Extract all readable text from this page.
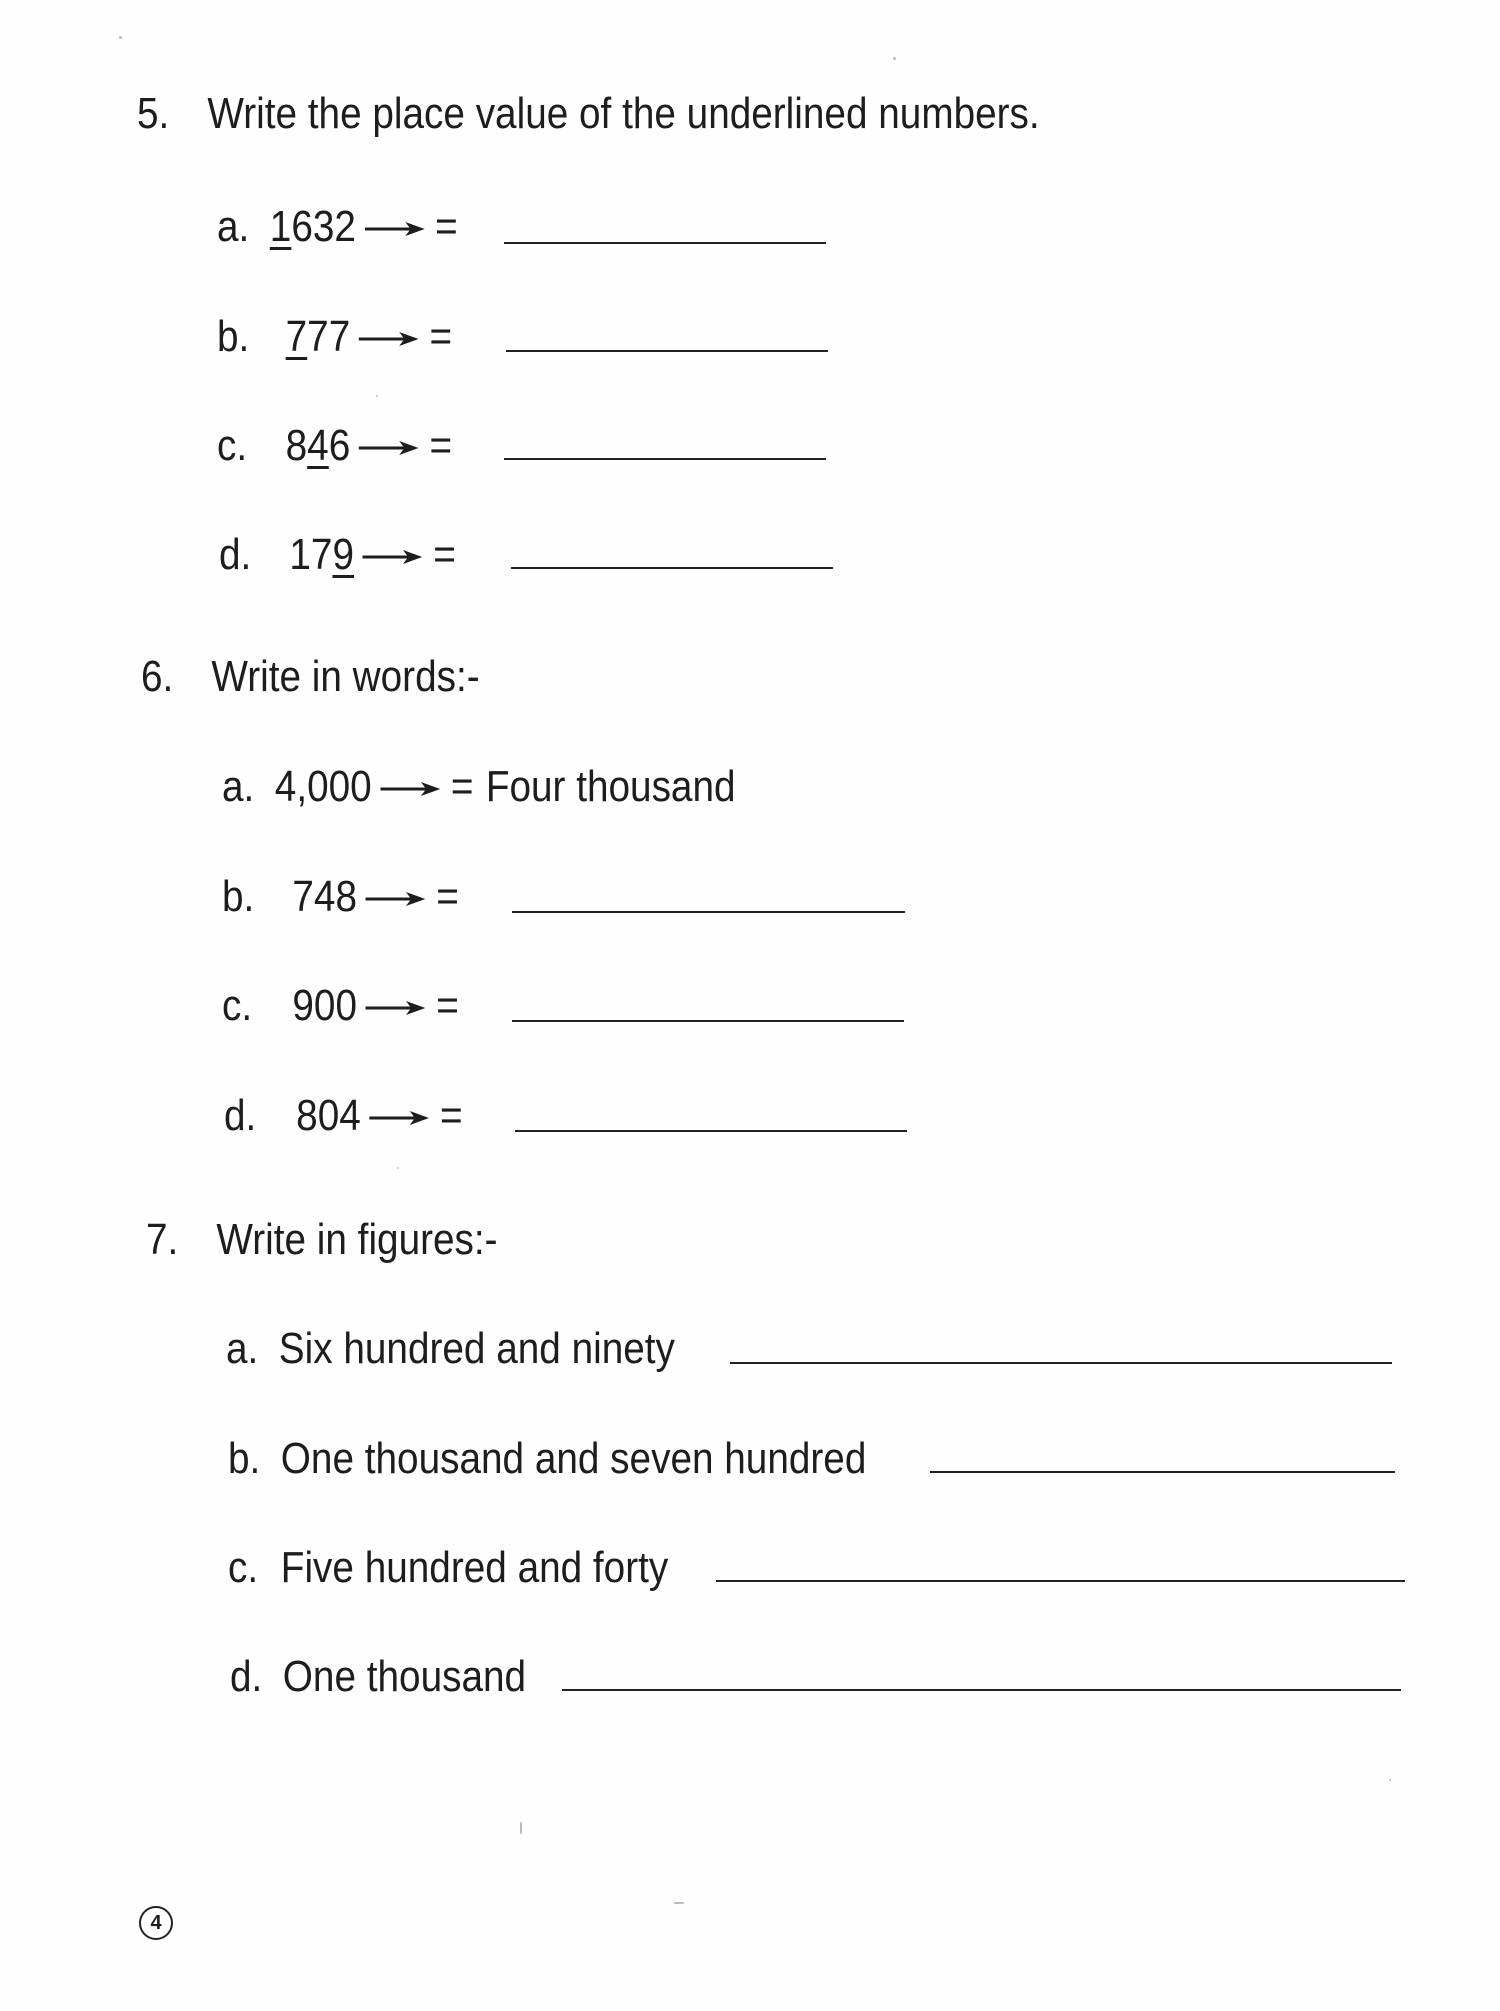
5. Write the place value of the underlined numbers.
a. 1632 =
b. 777 =
c. 846 =
d. 179 =
6. Write in words:-
a. 4,000 = Four thousand
b. 748 =
c. 900 =
d. 804 =
7. Write in figures:-
a. Six hundred and ninety
b. One thousand and seven hundred
c. Five hundred and forty
d. One thousand
4
